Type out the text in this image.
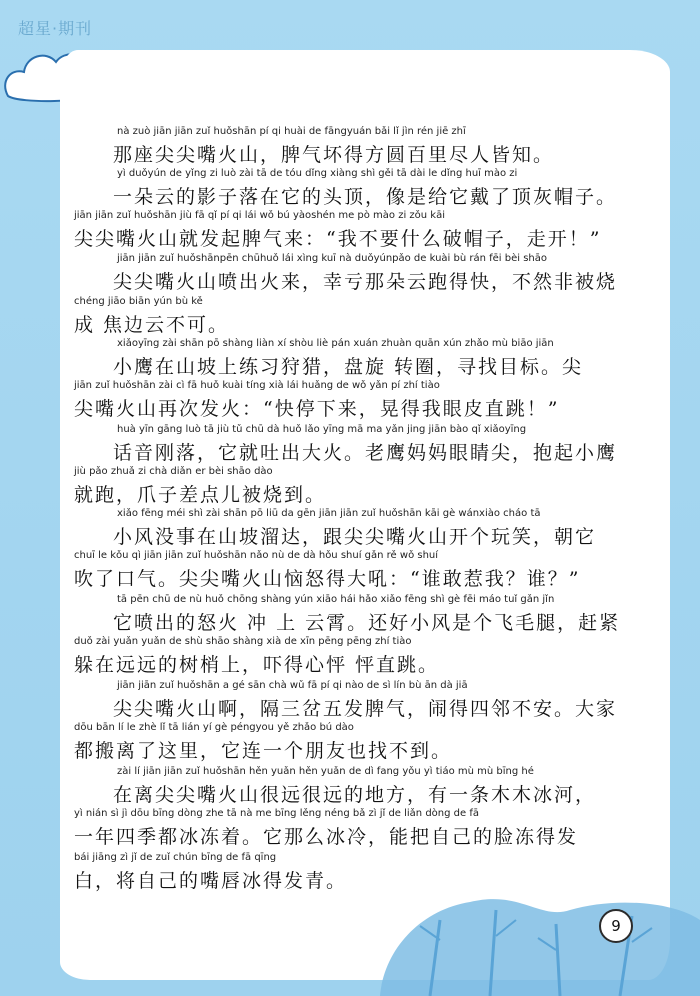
超星·期刊
9
nà zuò jiān jiān zuǐ huǒshān pí qi huài de fāngyuán bǎi lǐ jìn rén jiē zhī
那座尖尖嘴火山，脾气坏得方圆百里尽人皆知。
yì duǒyún de yǐng zi luò zài tā de tóu dǐng xiàng shì gěi tā dài le dǐng huī mào zi
一朵云的影子落在它的头顶，像是给它戴了顶灰帽子。
jiān jiān zuǐ huǒshān jiù fā qǐ pí qi lái wǒ bú yàoshén me pò mào zi zǒu kāi
尖尖嘴火山就发起脾气来：“我不要什么破帽子，走开！”
jiān jiān zuǐ huǒshānpēn chūhuǒ lái xìng kuī nà duǒyúnpǎo de kuài bù rán fēi bèi shāo
尖尖嘴火山喷出火来，幸亏那朵云跑得快，不然非被烧
chéng jiāo biān yún bù kě
成 焦边云不可。
xiǎoyīng zài shān pō shàng liàn xí shòu liè pán xuán zhuàn quān xún zhǎo mù biāo jiān
小鹰在山坡上练习狩猎，盘旋 转圈，寻找目标。尖
jiān zuǐ huǒshān zài cì fā huǒ kuài tíng xià lái huǎng de wǒ yǎn pí zhí tiào
尖嘴火山再次发火：“快停下来，晃得我眼皮直跳！”
huà yīn gāng luò tā jiù tǔ chū dà huǒ lǎo yīng mā ma yǎn jing jiān bào qǐ xiǎoyīng
话音刚落，它就吐出大火。老鹰妈妈眼睛尖，抱起小鹰
jiù pǎo zhuǎ zi chà diǎn er bèi shāo dào
就跑，爪子差点儿被烧到。
xiǎo fēng méi shì zài shān pō liū da gēn jiān jiān zuǐ huǒshān kāi gè wánxiào cháo tā
小风没事在山坡溜达，跟尖尖嘴火山开个玩笑，朝它
chuī le kǒu qì jiān jiān zuǐ huǒshān nǎo nù de dà hǒu shuí gǎn rě wǒ shuí
吹了口气。尖尖嘴火山恼怒得大吼：“谁敢惹我？谁？”
tā pēn chū de nù huǒ chōng shàng yún xiāo hái hǎo xiǎo fēng shì gè fēi máo tuǐ gǎn jǐn
它喷出的怒火 冲 上 云霄。还好小风是个飞毛腿，赶紧
duǒ zài yuǎn yuǎn de shù shāo shàng xià de xīn pēng pēng zhí tiào
躲在远远的树梢上，吓得心怦 怦直跳。
jiān jiān zuǐ huǒshān a gé sān chà wǔ fā pí qi nào de sì lín bù ān dà jiā
尖尖嘴火山啊，隔三岔五发脾气，闹得四邻不安。大家
dōu bān lí le zhè lǐ tā lián yí gè péngyou yě zhǎo bú dào
都搬离了这里，它连一个朋友也找不到。
zài lí jiān jiān zuǐ huǒshān hěn yuǎn hěn yuǎn de dì fang yǒu yì tiáo mù mù bīng hé
在离尖尖嘴火山很远很远的地方，有一条木木冰河，
yì nián sì jì dōu bīng dòng zhe tā nà me bīng lěng néng bǎ zì jǐ de liǎn dòng de fā
一年四季都冰冻着。它那么冰冷，能把自己的脸冻得发
bái jiāng zì jǐ de zuǐ chún bīng de fā qīng
白，将自己的嘴唇冰得发青。
